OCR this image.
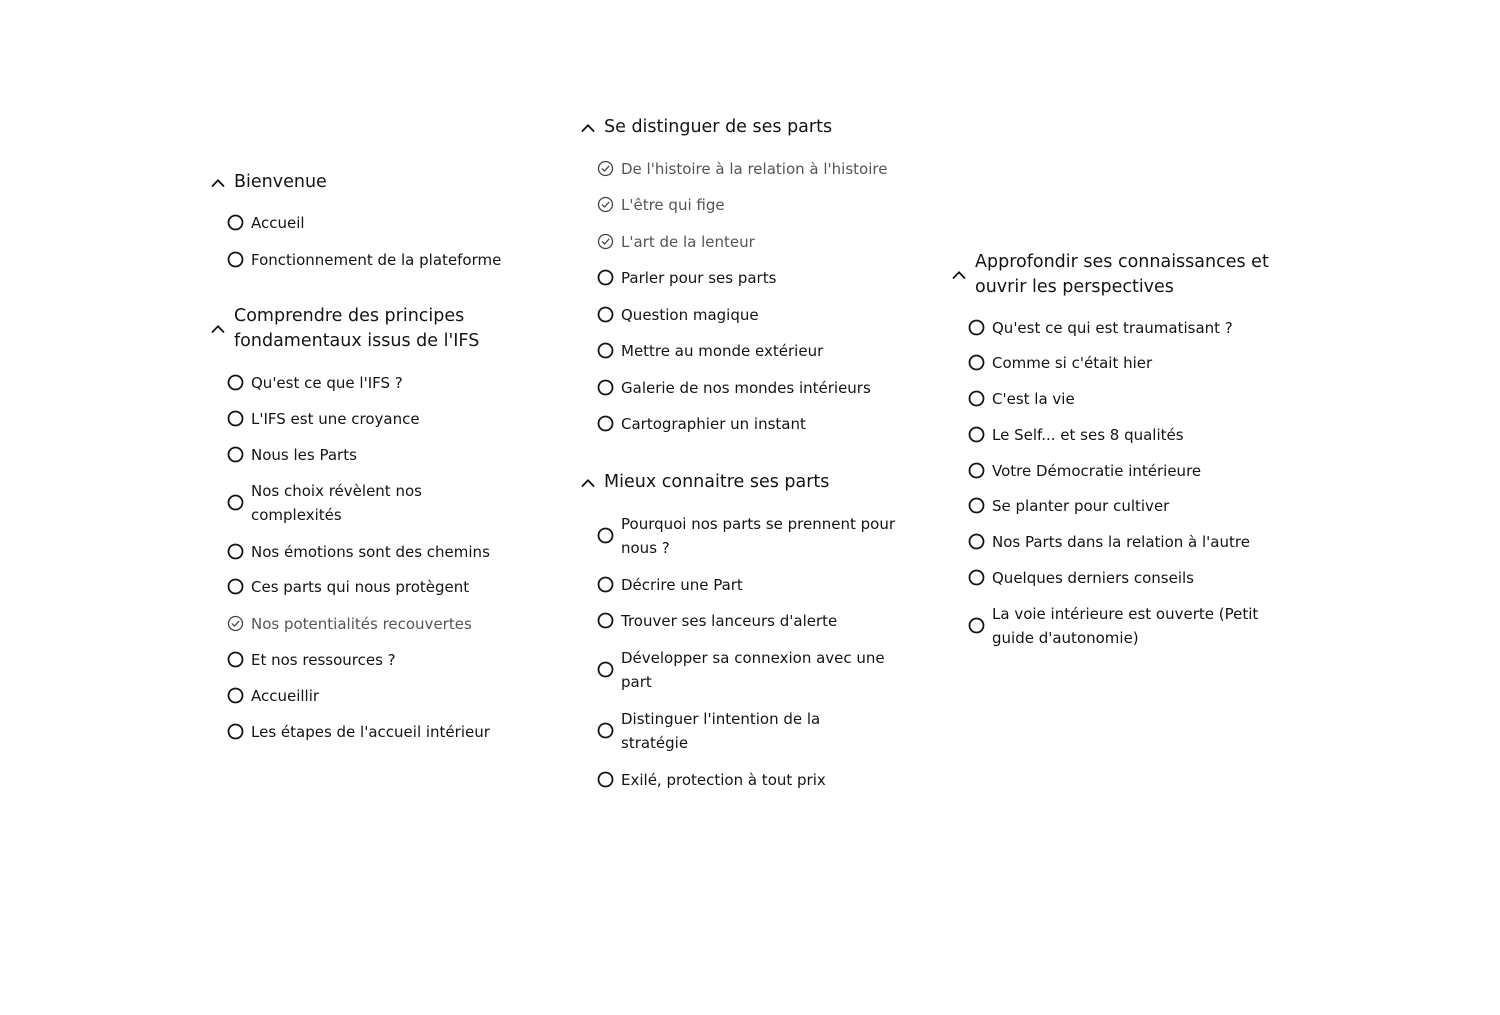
Bienvenue
Accueil
Fonctionnement de la plateforme
Comprendre des principes fondamentaux issus de l'IFS
Qu'est ce que l'IFS ?
L'IFS est une croyance
Nous les Parts
Nos choix révèlent nos complexités
Nos émotions sont des chemins
Ces parts qui nous protègent
Nos potentialités recouvertes
Et nos ressources ?
Accueillir
Les étapes de l'accueil intérieur
Se distinguer de ses parts
De l'histoire à la relation à l'histoire
L'être qui fige
L'art de la lenteur
Parler pour ses parts
Question magique
Mettre au monde extérieur
Galerie de nos mondes intérieurs
Cartographier un instant
Mieux connaitre ses parts
Pourquoi nos parts se prennent pour nous ?
Décrire une Part
Trouver ses lanceurs d'alerte
Développer sa connexion avec une part
Distinguer l'intention de la stratégie
Exilé, protection à tout prix
Approfondir ses connaissances et ouvrir les perspectives
Qu'est ce qui est traumatisant ?
Comme si c'était hier
C'est la vie
Le Self... et ses 8 qualités
Votre Démocratie intérieure
Se planter pour cultiver
Nos Parts dans la relation à l'autre
Quelques derniers conseils
La voie intérieure est ouverte (Petit guide d'autonomie)
